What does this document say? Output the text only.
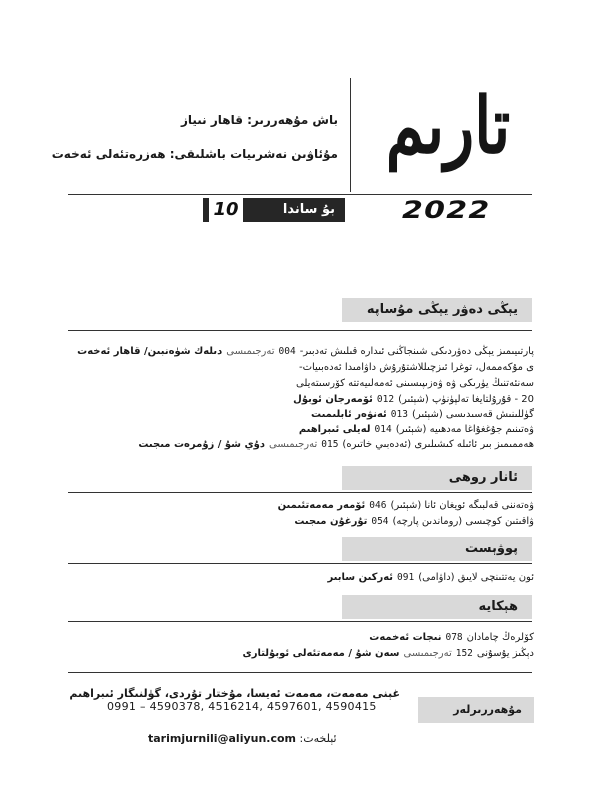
تارىم
باش مۇھەررىر: قاھار نىياز
مۇئاۋىن نەشرىيات باشلىقى: ھەزرەتئەلى ئەخەت
10	بۇ ساندا	2022
يېڭى دەۋر يېڭى مۇساپە
دىلەك شۈەنبىن/ قاھار ئەخەت تەرجىمىسى 004 پارتىيىمىز يېڭى دەۋردىكى شىنجاڭنى ئىدارە قىلىش تەدبىر-
ى مۇكەممەل، توغرا ئىزچىللاشتۇرۇش داۋامىدا ئەدەبىيات-
سەنئەتنىڭ يۈرىكى ۋە ۋەزىپىسىنى ئەمەلىيەتتە كۆرسىتەيلى
ئۆمەرجان ئوبۇل 012 20 - قۇرۇلتايغا تەلپۈنۈپ (شېئىر)
ئەنۋەر ئابلىمىت 013 گۈللىنىش قەسىدىسى (شېئىر)
لەيلى ئىبراھىم 014 ۋەتىنىم جۇغغۇاغا مەدھىيە (شېئىر)
دۇي شۇ / زۇمرەت مىجىت تەرجىمىسى 015 ھەممىمىز بىر ئائىلە كىشىلىرى (ئەدەبىي خاتىرە)
ئانار روھى
ئۆمەر مەمەتئىمىن 046 ۋەتەننى قەلبىگە ئويغان ئانا (شېئىر)
تۇرغۇن مىجىت 054 ۋاقىتىن كوچىسى (روماندىن پارچە)
پوۋېست
ئەركىن سابىر 091 ئون يەتتىنچى لايىق (داۋامى)
ھېكايە
نىجات ئەخمەت 078 كۆلرەڭ چامادان
سەن شۇ / مەمەتئەلى ئوبۇلتارى تەرجىمىسى 152 دېڭىز يۇسۇنى
غېنى مەمەت، مەمەت ئەيسا، مۇختار تۇردى، گۈلنىگار ئىبراھىم
0991 – 4590378, 4516214, 4597601, 4590415	مۇھەررىرلەر
tarimjurnili@aliyun.com ئېلخەت:
